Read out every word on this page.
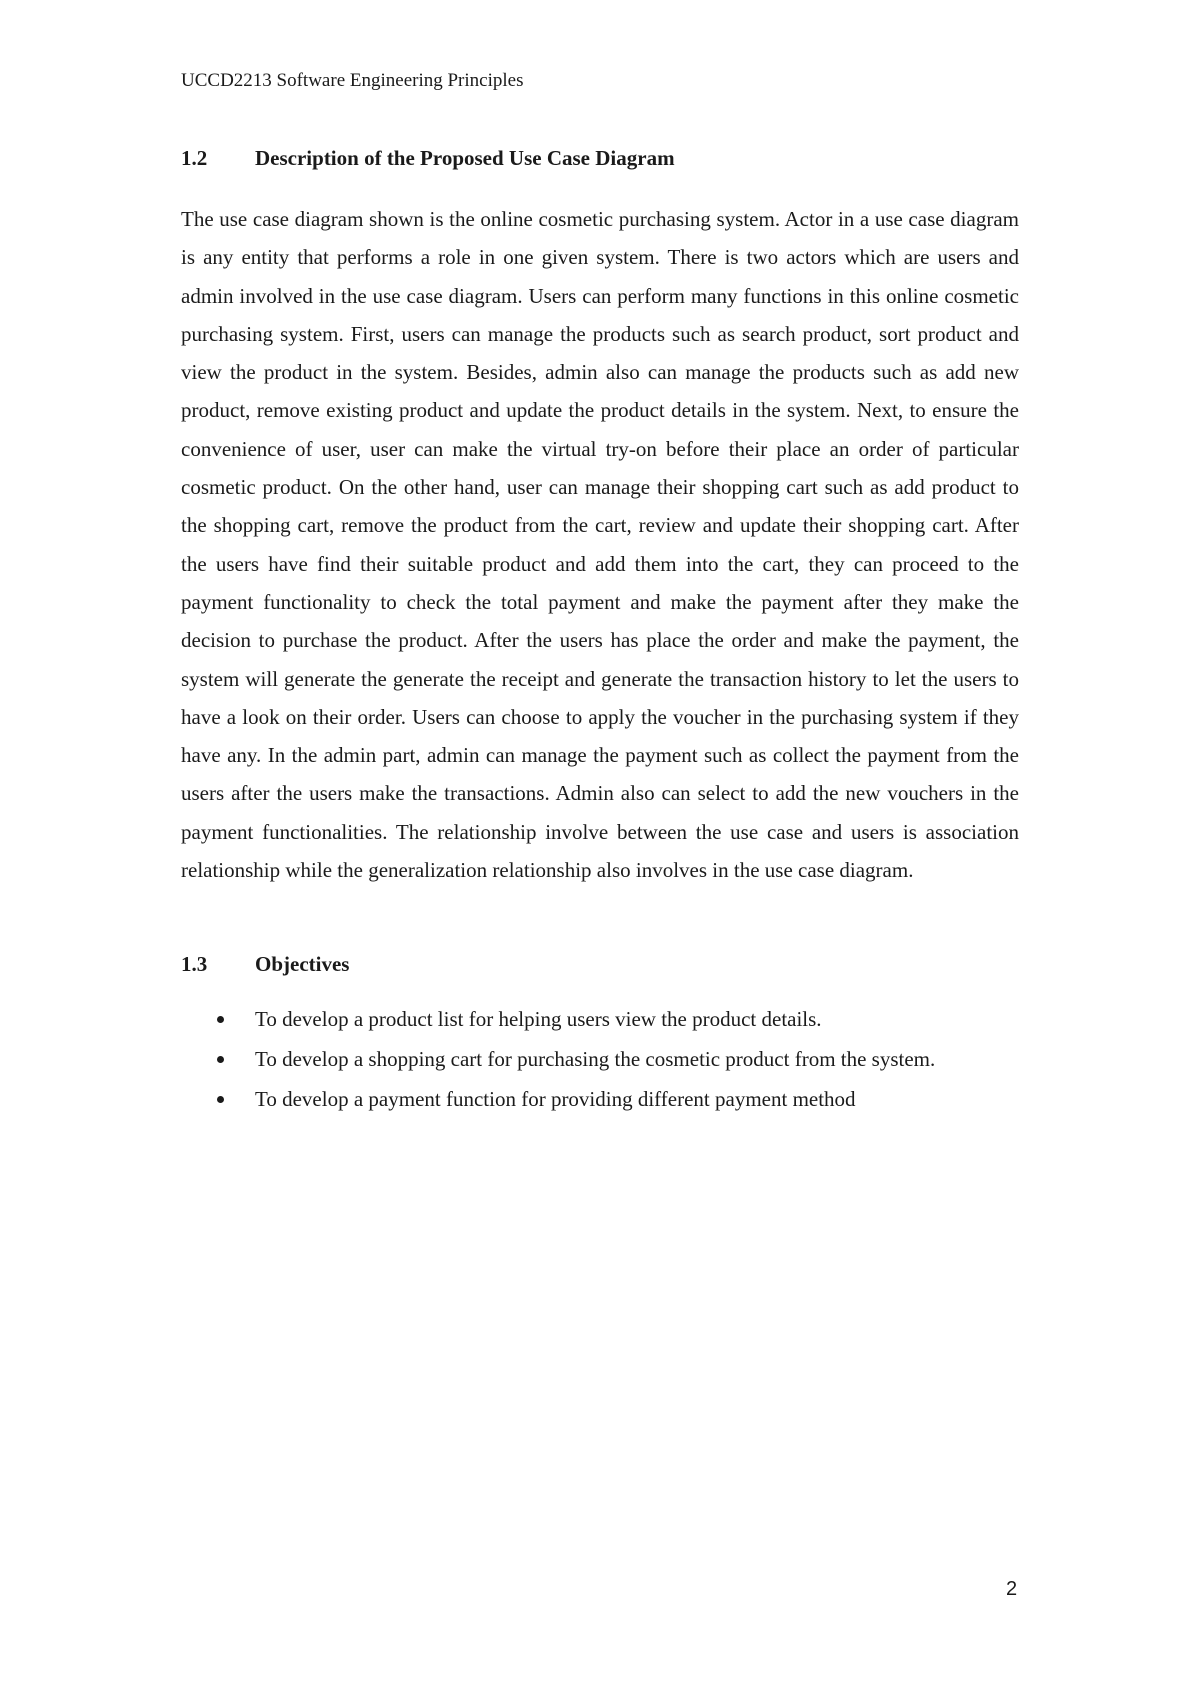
UCCD2213 Software Engineering Principles
1.2 Description of the Proposed Use Case Diagram

The use case diagram shown is the online cosmetic purchasing system. Actor in a use case diagram is any entity that performs a role in one given system. There is two actors which are users and admin involved in the use case diagram. Users can perform many functions in this online cosmetic purchasing system. First, users can manage the products such as search product, sort product and view the product in the system. Besides, admin also can manage the products such as add new product, remove existing product and update the product details in the system. Next, to ensure the convenience of user, user can make the virtual try-on before their place an order of particular cosmetic product. On the other hand, user can manage their shopping cart such as add product to the shopping cart, remove the product from the cart, review and update their shopping cart. After the users have find their suitable product and add them into the cart, they can proceed to the payment functionality to check the total payment and make the payment after they make the decision to purchase the product. After the users has place the order and make the payment, the system will generate the generate the receipt and generate the transaction history to let the users to have a look on their order. Users can choose to apply the voucher in the purchasing system if they have any. In the admin part, admin can manage the payment such as collect the payment from the users after the users make the transactions. Admin also can select to add the new vouchers in the payment functionalities. The relationship involve between the use case and users is association relationship while the generalization relationship also involves in the use case diagram.

1.3 Objectives
To develop a product list for helping users view the product details.
To develop a shopping cart for purchasing the cosmetic product from the system.
To develop a payment function for providing different payment method
2
